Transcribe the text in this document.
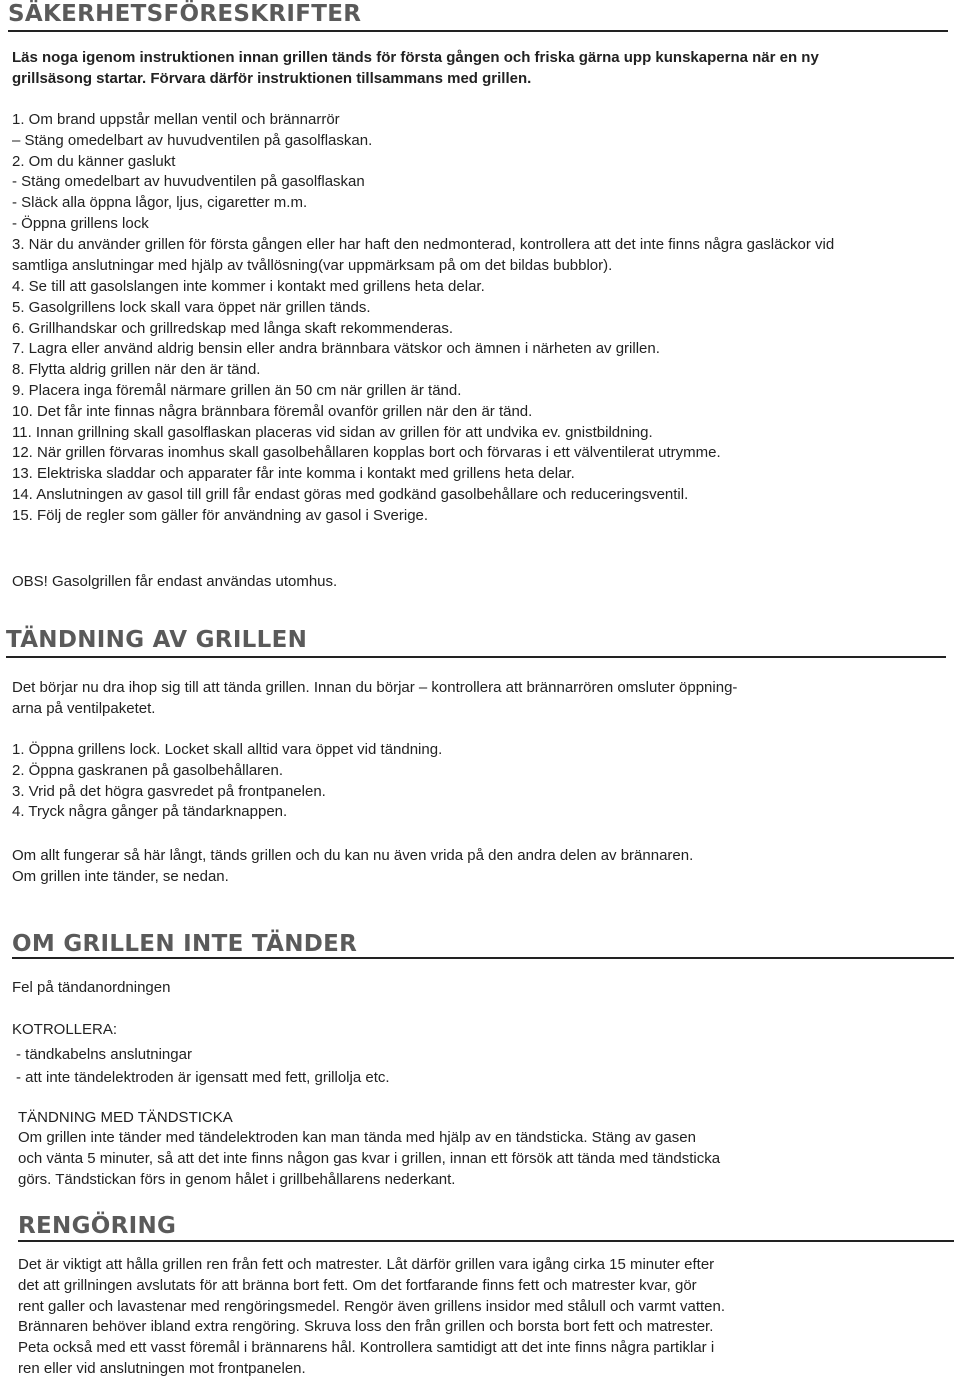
SÄKERHETSFÖRESKRIFTER
Läs noga igenom instruktionen innan grillen tänds för första gången och friska gärna upp kunskaperna när en ny grillsäsong startar. Förvara därför instruktionen tillsammans med grillen.
1. Om brand uppstår mellan ventil och brännarrör
– Stäng omedelbart av huvudventilen på gasolflaskan.
2. Om du känner gaslukt
- Stäng omedelbart av huvudventilen på gasolflaskan
- Släck alla öppna lågor, ljus, cigaretter m.m.
- Öppna grillens lock
3. När du använder grillen för första gången eller har haft den nedmonterad, kontrollera att det inte finns några gasläckor vid samtliga anslutningar med hjälp av tvållösning(var uppmärksam på om det bildas bubblor).
4. Se till att gasolslangen inte kommer i kontakt med grillens heta delar.
5. Gasolgrillens lock skall vara öppet när grillen tänds.
6. Grillhandskar och grillredskap med långa skaft rekommenderas.
7. Lagra eller använd aldrig bensin eller andra brännbara vätskor och ämnen i närheten av grillen.
8. Flytta aldrig grillen när den är tänd.
9. Placera inga föremål närmare grillen än 50 cm när grillen är tänd.
10. Det får inte finnas några brännbara föremål ovanför grillen när den är tänd.
11. Innan grillning skall gasolflaskan placeras vid sidan av grillen för att undvika ev. gnistbildning.
12. När grillen förvaras inomhus skall gasolbehållaren kopplas bort och förvaras i ett välventilerat utrymme.
13. Elektriska sladdar och apparater får inte komma i kontakt med grillens heta delar.
14. Anslutningen av gasol till grill får endast göras med godkänd gasolbehållare och reduceringsventil.
15. Följ de regler som gäller för användning av gasol i Sverige.
OBS! Gasolgrillen får endast användas utomhus.
TÄNDNING AV GRILLEN
Det börjar nu dra ihop sig till att tända grillen. Innan du börjar – kontrollera att brännarrören omsluter öppning-
arna på ventilpaketet.
1. Öppna grillens lock. Locket skall alltid vara öppet vid tändning.
2. Öppna gaskranen på gasolbehållaren.
3. Vrid på det högra gasvredet på frontpanelen.
4. Tryck några gånger på tändarknappen.
Om allt fungerar så här långt, tänds grillen och du kan nu även vrida på den andra delen av brännaren.
Om grillen inte tänder, se nedan.
OM GRILLEN INTE TÄNDER
Fel på tändanordningen
KOTROLLERA:
- tändkabelns anslutningar
- att inte tändelektroden är igensatt med fett, grillolja etc.
TÄNDNING MED TÄNDSTICKA
Om grillen inte tänder med tändelektroden kan man tända med hjälp av en tändsticka. Stäng av gasen
och vänta 5 minuter, så att det inte finns någon gas kvar i grillen, innan ett försök att tända med tändsticka
görs. Tändstickan förs in genom hålet i grillbehållarens nederkant.
RENGÖRING
Det är viktigt att hålla grillen ren från fett och matrester. Låt därför grillen vara igång cirka 15 minuter efter
det att grillningen avslutats för att bränna bort fett. Om det fortfarande finns fett och matrester kvar, gör
rent galler och lavastenar med rengöringsmedel. Rengör även grillens insidor med stålull och varmt vatten.
Brännaren behöver ibland extra rengöring. Skruva loss den från grillen och borsta bort fett och matrester.
Peta också med ett vasst föremål i brännarens hål. Kontrollera samtidigt att det inte finns några partiklar i
ren eller vid anslutningen mot frontpanelen.
